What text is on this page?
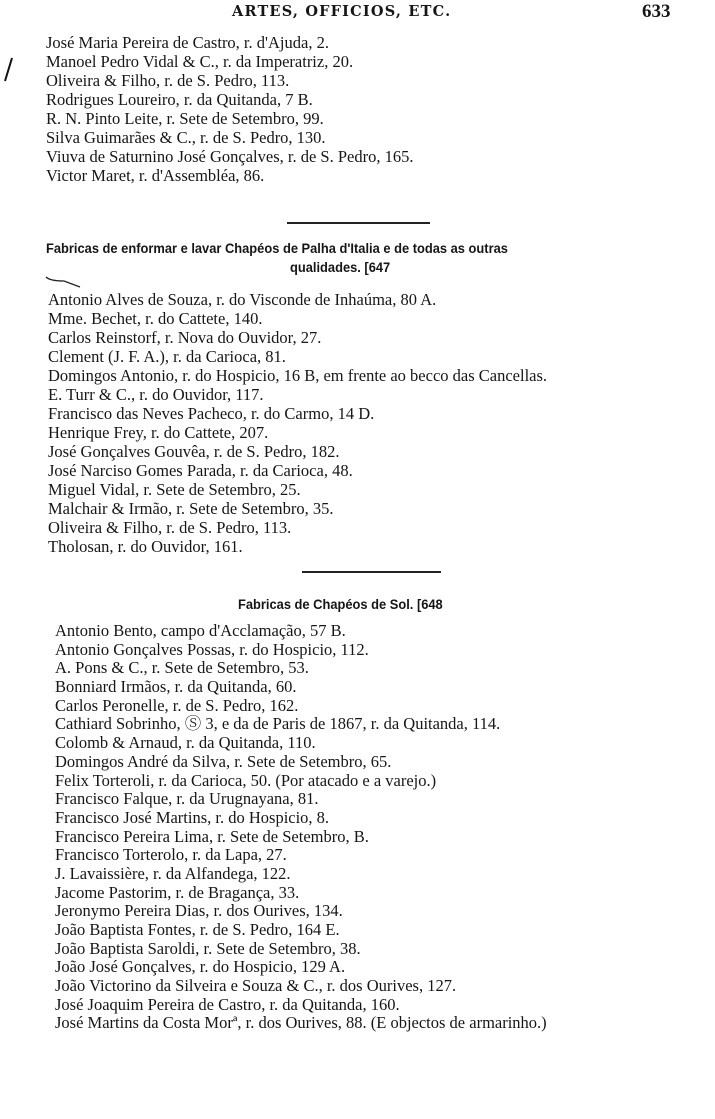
ARTES, OFFICIOS, ETC.	633
José Maria Pereira de Castro, r. d'Ajuda, 2.
Manoel Pedro Vidal & C., r. da Imperatriz, 20.
Oliveira & Filho, r. de S. Pedro, 113.
Rodrigues Loureiro, r. da Quitanda, 7 B.
R. N. Pinto Leite, r. Sete de Setembro, 99.
Silva Guimarães & C., r. de S. Pedro, 130.
Viuva de Saturnino José Gonçalves, r. de S. Pedro, 165.
Victor Maret, r. d'Assembléa, 86.
Fabricas de enformar e lavar Chapéos de Palha d'Italia e de todas as outras
qualidades. [647
Antonio Alves de Souza, r. do Visconde de Inhaúma, 80 A.
Mme. Bechet, r. do Cattete, 140.
Carlos Reinstorf, r. Nova do Ouvidor, 27.
Clement (J. F. A.), r. da Carioca, 81.
Domingos Antonio, r. do Hospicio, 16 B, em frente ao becco das Cancellas.
E. Turr & C., r. do Ouvidor, 117.
Francisco das Neves Pacheco, r. do Carmo, 14 D.
Henrique Frey, r. do Cattete, 207.
José Gonçalves Gouvêa, r. de S. Pedro, 182.
José Narciso Gomes Parada, r. da Carioca, 48.
Miguel Vidal, r. Sete de Setembro, 25.
Malchair & Irmão, r. Sete de Setembro, 35.
Oliveira & Filho, r. de S. Pedro, 113.
Tholosan, r. do Ouvidor, 161.
Fabricas de Chapéos de Sol. [648
Antonio Bento, campo d'Acclamação, 57 B.
Antonio Gonçalves Possas, r. do Hospicio, 112.
A. Pons & C., r. Sete de Setembro, 53.
Bonniard Irmãos, r. da Quitanda, 60.
Carlos Peronelle, r. de S. Pedro, 162.
Cathiard Sobrinho, Ⓢ 3, e da de Paris de 1867, r. da Quitanda, 114.
Colomb & Arnaud, r. da Quitanda, 110.
Domingos André da Silva, r. Sete de Setembro, 65.
Felix Torteroli, r. da Carioca, 50. (Por atacado e a varejo.)
Francisco Falque, r. da Urugnayana, 81.
Francisco José Martins, r. do Hospicio, 8.
Francisco Pereira Lima, r. Sete de Setembro, B.
Francisco Torterolo, r. da Lapa, 27.
J. Lavaissière, r. da Alfandega, 122.
Jacome Pastorim, r. de Bragança, 33.
Jeronymo Pereira Dias, r. dos Ourives, 134.
João Baptista Fontes, r. de S. Pedro, 164 E.
João Baptista Saroldi, r. Sete de Setembro, 38.
João José Gonçalves, r. do Hospicio, 129 A.
João Victorino da Silveira e Souza & C., r. dos Ourives, 127.
José Joaquim Pereira de Castro, r. da Quitanda, 160.
José Martins da Costa Morª, r. dos Ourives, 88. (E objectos de armarinho.)
